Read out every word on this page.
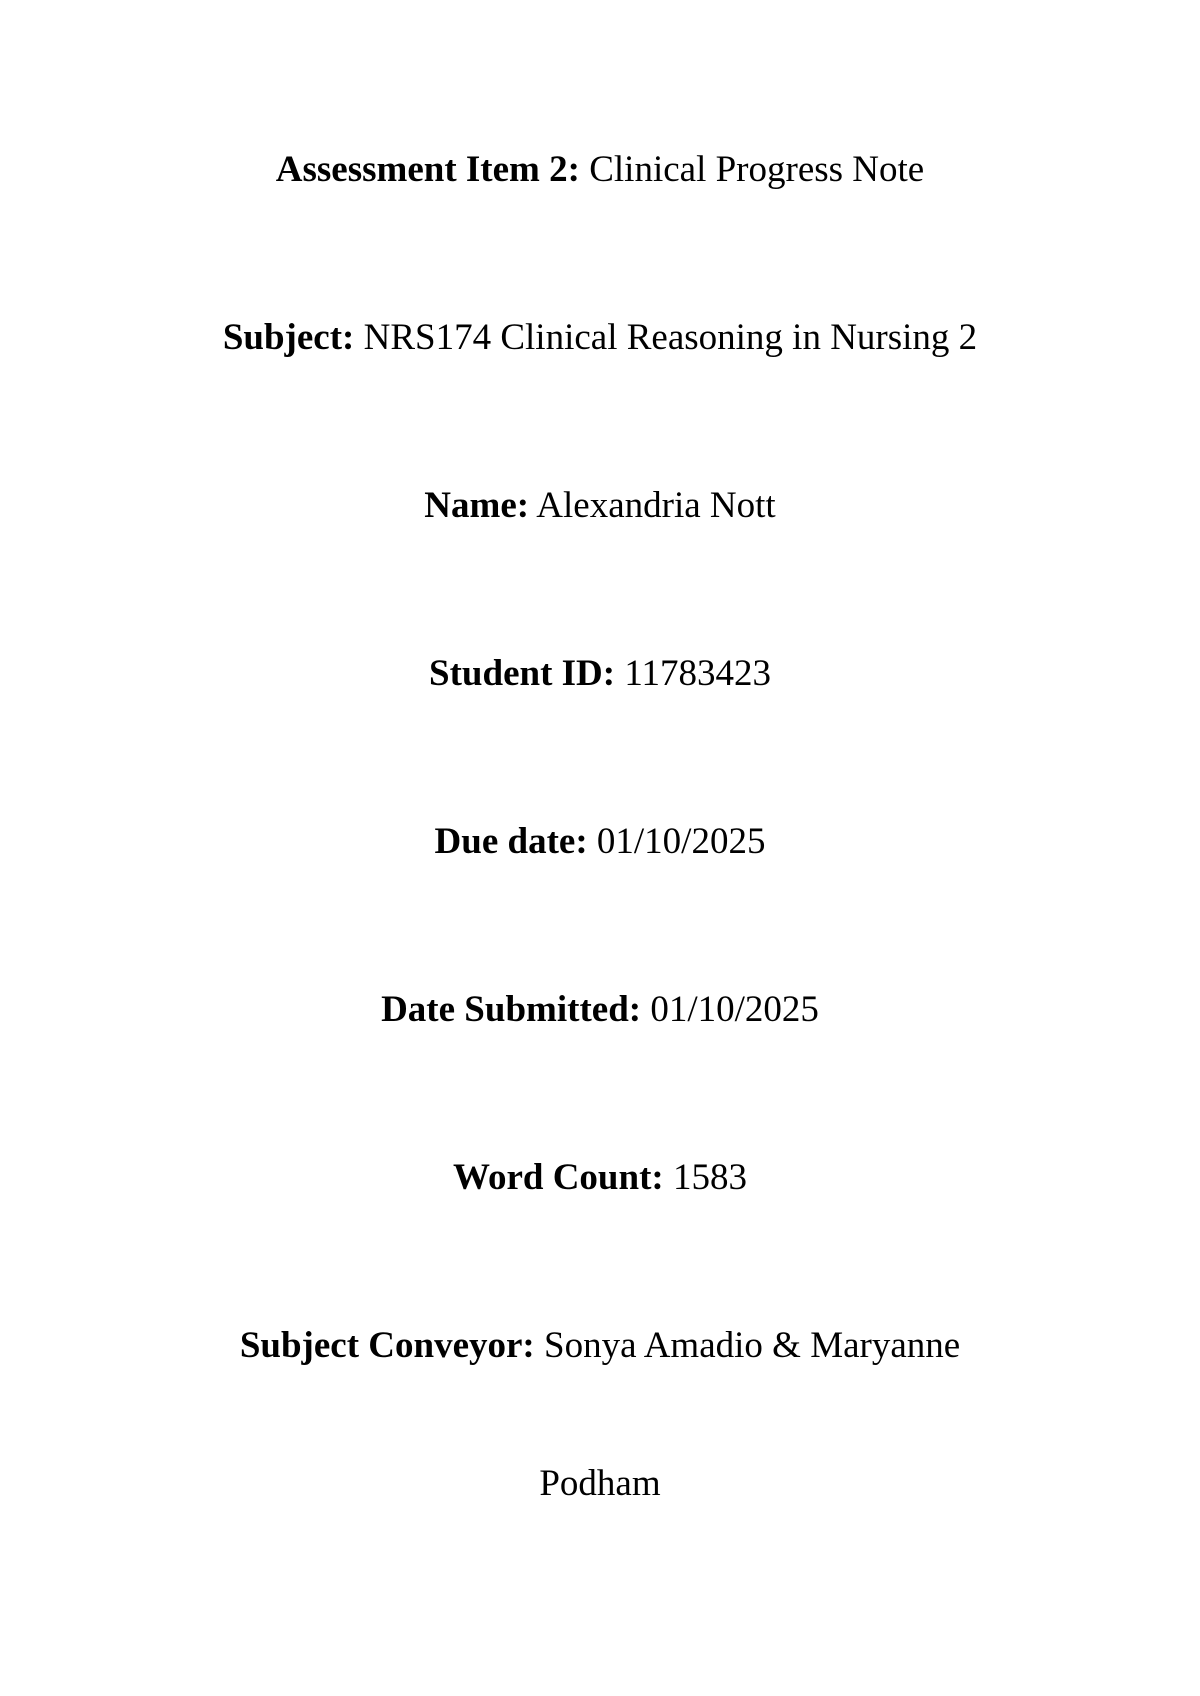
Assessment Item 2: Clinical Progress Note
Subject: NRS174 Clinical Reasoning in Nursing 2
Name: Alexandria Nott
Student ID: 11783423
Due date: 01/10/2025
Date Submitted: 01/10/2025
Word Count: 1583
Subject Conveyor: Sonya Amadio & Maryanne
Podham
